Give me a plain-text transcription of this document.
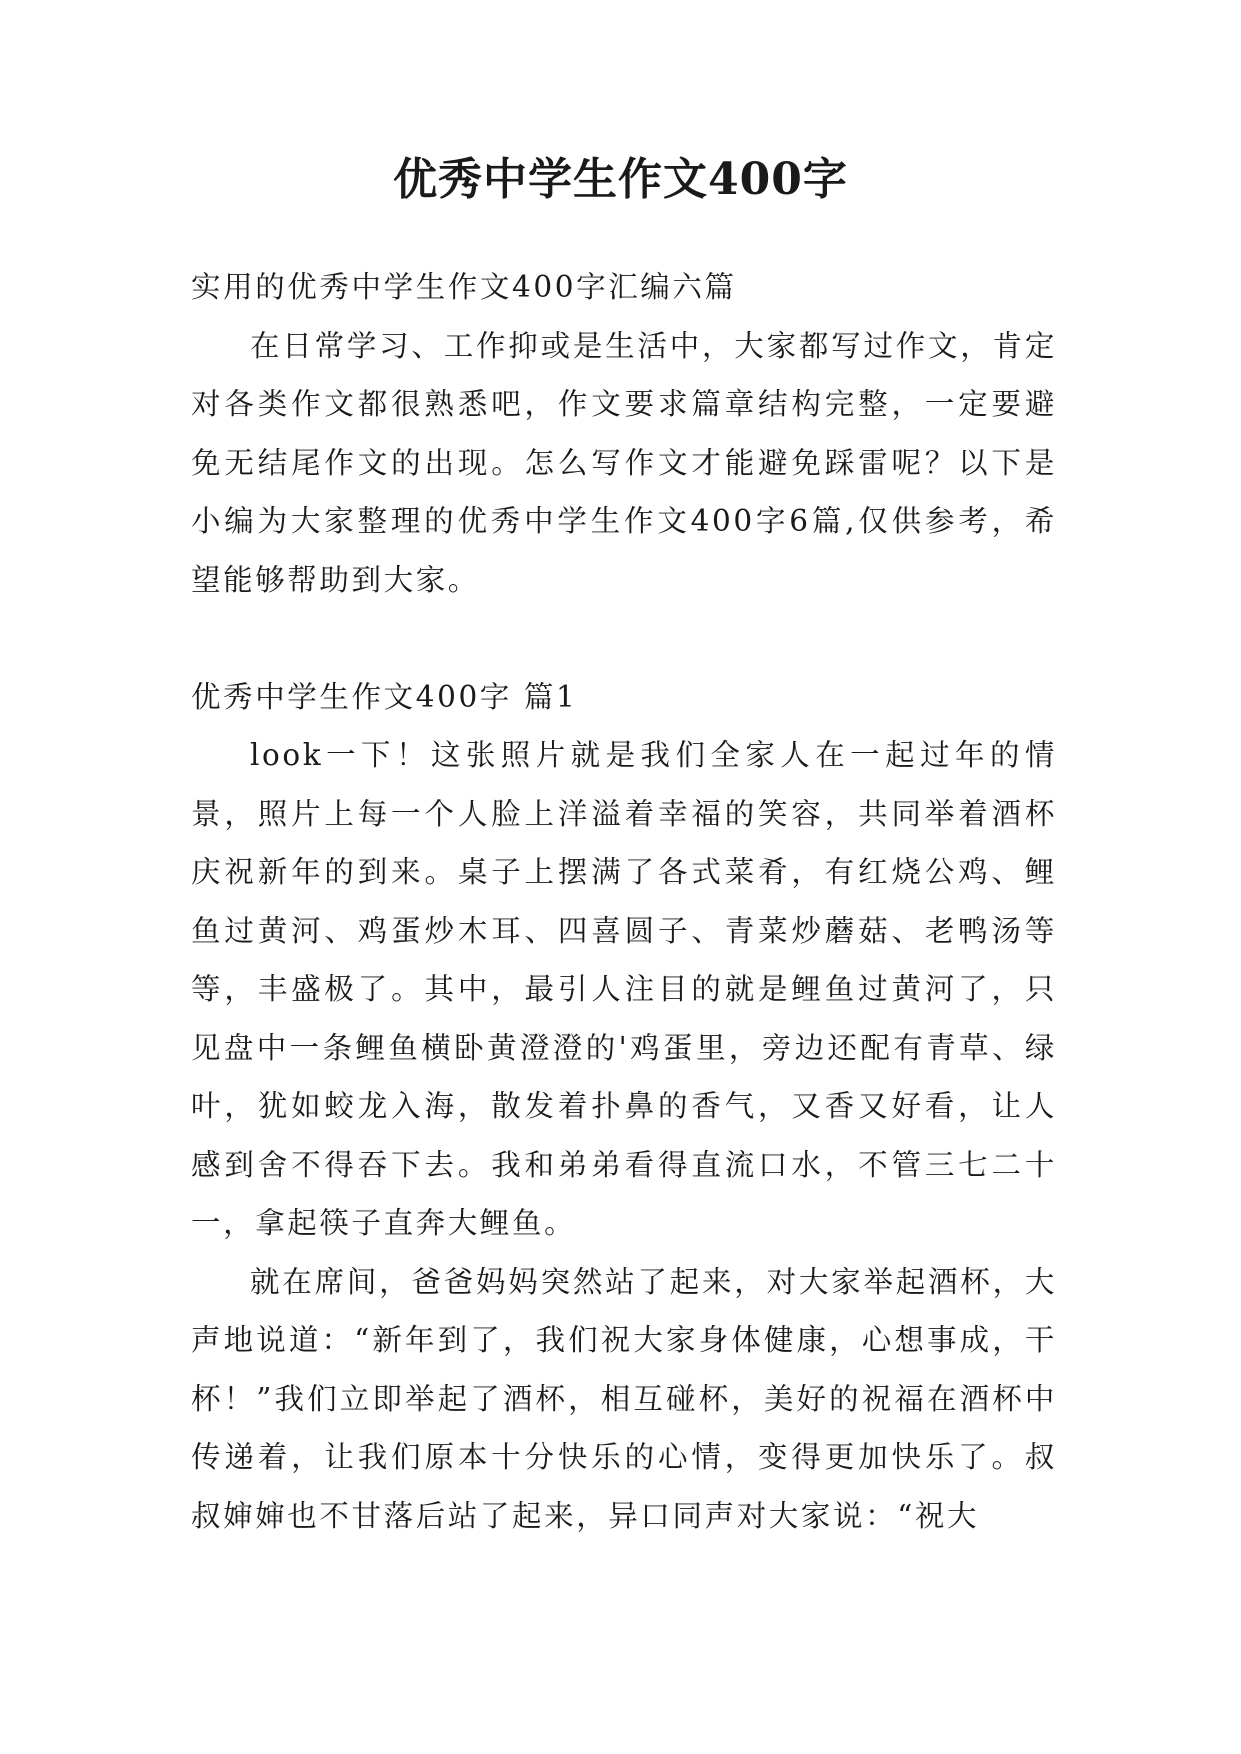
优秀中学生作文400字

实用的优秀中学生作文400字汇编六篇

在日常学习、工作抑或是生活中，大家都写过作文，肯定对各类作文都很熟悉吧，作文要求篇章结构完整，一定要避免无结尾作文的出现。怎么写作文才能避免踩雷呢？以下是小编为大家整理的优秀中学生作文400字6篇,仅供参考，希望能够帮助到大家。

优秀中学生作文400字 篇1

look一下！这张照片就是我们全家人在一起过年的情景，照片上每一个人脸上洋溢着幸福的笑容，共同举着酒杯庆祝新年的到来。桌子上摆满了各式菜肴，有红烧公鸡、鲤鱼过黄河、鸡蛋炒木耳、四喜圆子、青菜炒蘑菇、老鸭汤等等，丰盛极了。其中，最引人注目的就是鲤鱼过黄河了，只见盘中一条鲤鱼横卧黄澄澄的'鸡蛋里，旁边还配有青草、绿叶，犹如蛟龙入海，散发着扑鼻的香气，又香又好看，让人感到舍不得吞下去。我和弟弟看得直流口水，不管三七二十一，拿起筷子直奔大鲤鱼。

就在席间，爸爸妈妈突然站了起来，对大家举起酒杯，大声地说道：“新年到了，我们祝大家身体健康，心想事成，干杯！”我们立即举起了酒杯，相互碰杯，美好的祝福在酒杯中传递着，让我们原本十分快乐的心情，变得更加快乐了。叔叔婶婶也不甘落后站了起来，异口同声对大家说：“祝大
